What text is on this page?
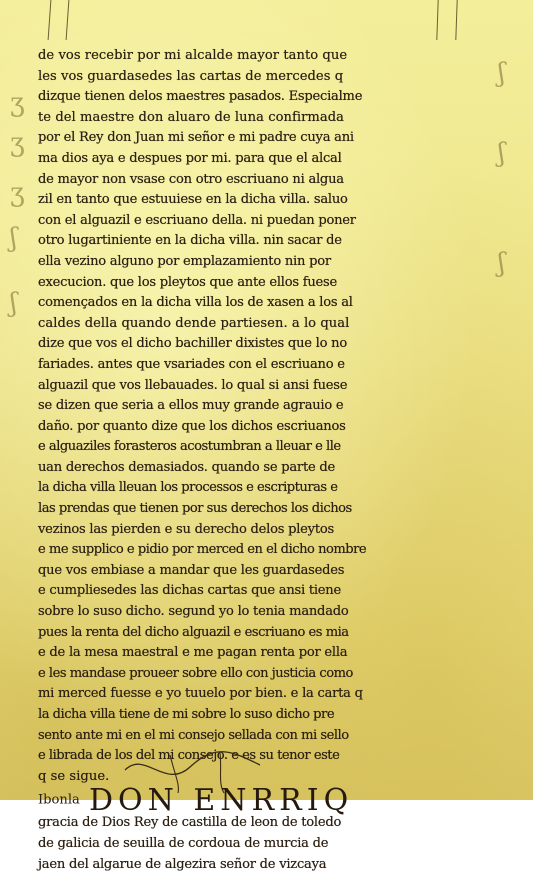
ʒ
ʒ
ʒ
ʃ
ʃ
ʃ
ʃ
ʃ
de vos recebir por mi alcalde mayor tanto que
les vos guardasedes las cartas de mercedes q
dizque tienen delos maestres pasados. Especialme
te del maestre don aluaro de luna confirmada
por el Rey don Juan mi señor e mi padre cuya ani
ma dios aya e despues por mi. para que el alcal
de mayor non vsase con otro escriuano ni algua
zil en tanto que estuuiese en la dicha villa. saluo
con el alguazil e escriuano della. ni puedan poner
otro lugartiniente en la dicha villa. nin sacar de
ella vezino alguno por emplazamiento nin por
execucion. que los pleytos que ante ellos fuese
començados en la dicha villa los de xasen a los al
caldes della quando dende partiesen. a lo qual
dize que vos el dicho bachiller dixistes que lo no
fariades. antes que vsariades con el escriuano e
alguazil que vos llebauades. lo qual si ansi fuese
se dizen que seria a ellos muy grande agrauio e
daño. por quanto dize que los dichos escriuanos
e alguaziles forasteros acostumbran a lleuar e lle
uan derechos demasiados. quando se parte de
la dicha villa lleuan los processos e escripturas e
las prendas que tienen por sus derechos los dichos
vezinos las pierden e su derecho delos pleytos
e me supplico e pidio por merced en el dicho nombre
que vos embiase a mandar que les guardasedes
e cumpliesedes las dichas cartas que ansi tiene
sobre lo suso dicho. segund yo lo tenia mandado
pues la renta del dicho alguazil e escriuano es mia
e de la mesa maestral e me pagan renta por ella
e les mandase proueer sobre ello con justicia como
mi merced fuesse e yo tuuelo por bien. e la carta q
la dicha villa tiene de mi sobre lo suso dicho pre
sento ante mi en el mi consejo sellada con mi sello
e librada de los del mi consejo. e es su tenor este
q se sigue.
Ibonla DON ENRRIQ
gracia de Dios Rey de castilla de leon de toledo
de galicia de seuilla de cordoua de murcia de
jaen del algarue de algezira señor de vizcaya
